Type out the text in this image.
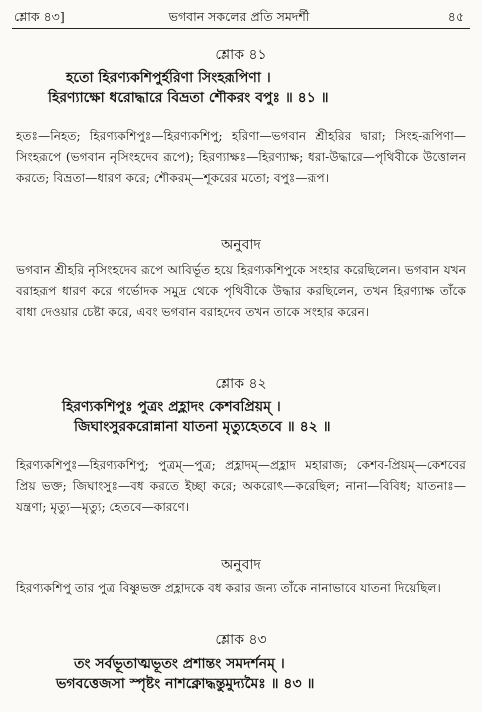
শ্লোক ৪৩]	ভগবান সকলের প্রতি সমদর্শী	৪৫
শ্লোক ৪১
হতো হিরণ্যকশিপুর্হরিণা সিংহরূপিণা ।
হিরণ্যাক্ষো ধরোদ্ধারে বিভ্রতা শৌকরং বপুঃ ॥ ৪১ ॥
হতঃ—নিহত; হিরণ্যকশিপুঃ—হিরণ্যকশিপু; হরিণা—ভগবান শ্রীহরির দ্বারা; সিংহ-রূপিণা—সিংহরূপে (ভগবান নৃসিংহদেব রূপে); হিরণ্যাক্ষঃ—হিরণ্যাক্ষ; ধরা-উদ্ধারে—পৃথিবীকে উত্তোলন করতে; বিভ্রতা—ধারণ করে; শৌকরম্—শূকরের মতো; বপুঃ—রূপ।
অনুবাদ
ভগবান শ্রীহরি নৃসিংহদেব রূপে আবির্ভূত হয়ে হিরণ্যকশিপুকে সংহার করেছিলেন। ভগবান যখন বরাহরূপ ধারণ করে গর্ভোদক সমুদ্র থেকে পৃথিবীকে উদ্ধার করছিলেন, তখন হিরণ্যাক্ষ তাঁকে বাধা দেওয়ার চেষ্টা করে, এবং ভগবান বরাহদেব তখন তাকে সংহার করেন।
শ্লোক ৪২
হিরণ্যকশিপুঃ পুত্রং প্রহ্লাদং কেশবপ্রিয়ম্ ।
জিঘাংসুরকরোন্নানা যাতনা মৃত্যুহেতবে ॥ ৪২ ॥
হিরণ্যকশিপুঃ—হিরণ্যকশিপু; পুত্রম্—পুত্র; প্রহ্লাদম্—প্রহ্লাদ মহারাজ; কেশব-প্রিয়ম্—কেশবের প্রিয় ভক্ত; জিঘাংসুঃ—বধ করতে ইচ্ছা করে; অকরোৎ—করেছিল; নানা—বিবিধ; যাতনাঃ—যন্ত্রণা; মৃত্যু—মৃত্যু; হেতবে—কারণে।
অনুবাদ
হিরণ্যকশিপু তার পুত্র বিষ্ণুভক্ত প্রহ্লাদকে বধ করার জন্য তাঁকে নানাভাবে যাতনা দিয়েছিল।
শ্লোক ৪৩
তং সর্বভূতাত্মভূতং প্রশান্তং সমদর্শনম্ ।
ভগবত্তেজসা স্পৃষ্টং নাশক্নোদ্ধন্তুমুদ্যমৈঃ ॥ ৪৩ ॥
